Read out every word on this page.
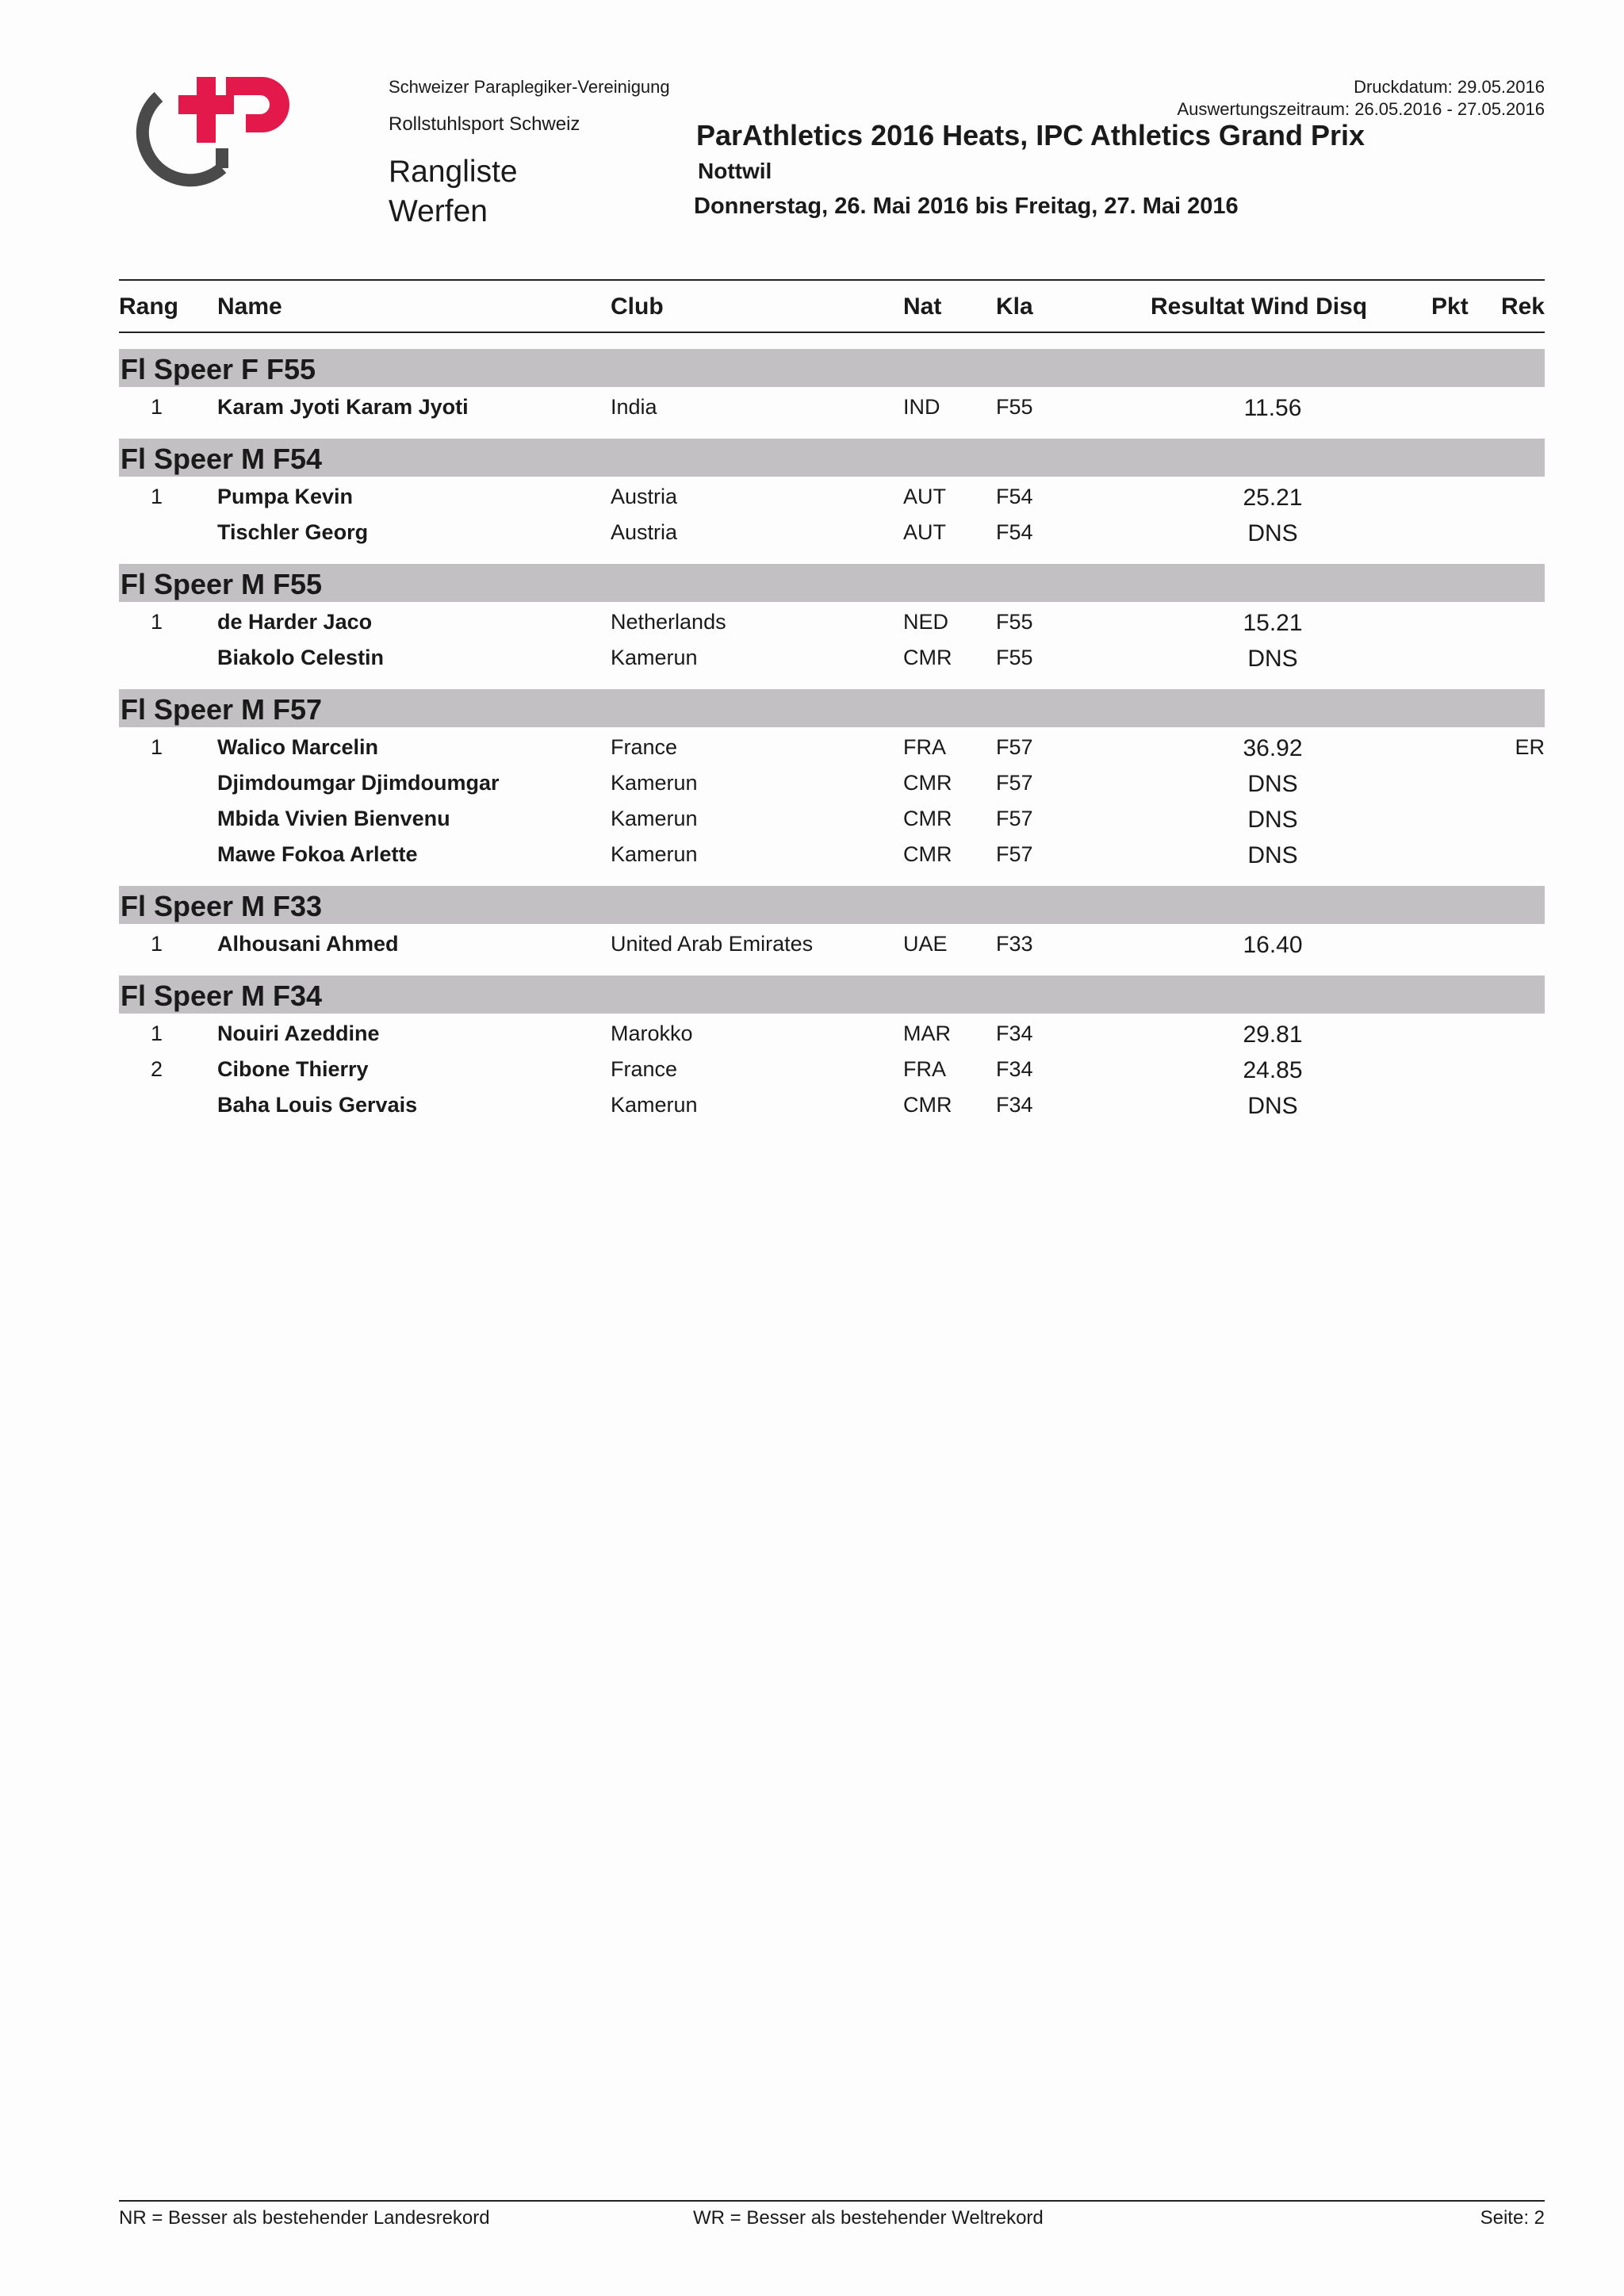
Schweizer Paraplegiker-Vereinigung
Rollstuhlsport Schweiz
Rangliste
Werfen
Druckdatum: 29.05.2016
Auswertungszeitraum: 26.05.2016 - 27.05.2016
ParAthletics 2016 Heats, IPC Athletics Grand Prix
Nottwil
Donnerstag, 26. Mai 2016 bis Freitag, 27. Mai 2016
Rang Name	Club	Nat Kla	Resultat Wind Disq	Pkt Rek
Fl Speer F F55
1	Karam Jyoti Karam Jyoti	India	IND	F55	11.56
Fl Speer M F54
1	Pumpa Kevin	Austria	AUT F54	25.21
Tischler Georg	Austria	AUT F54	DNS
Fl Speer M F55
1	de Harder Jaco	Netherlands	NED F55	15.21
Biakolo Celestin	Kamerun	CMR F55	DNS
Fl Speer M F57
1	Walico Marcelin	France	FRA F57	36.92	ER
Djimdoumgar Djimdoumgar	Kamerun	CMR F57	DNS
Mbida Vivien Bienvenu	Kamerun	CMR F57	DNS
Mawe Fokoa Arlette	Kamerun	CMR F57	DNS
Fl Speer M F33
1	Alhousani Ahmed	United Arab Emirates	UAE F33	16.40
Fl Speer M F34
1	Nouiri Azeddine	Marokko	MAR F34	29.81
2	Cibone Thierry	France	FRA F34	24.85
Baha Louis Gervais	Kamerun	CMR F34	DNS
NR = Besser als bestehender Landesrekord	WR = Besser als bestehender Weltrekord	Seite: 2
